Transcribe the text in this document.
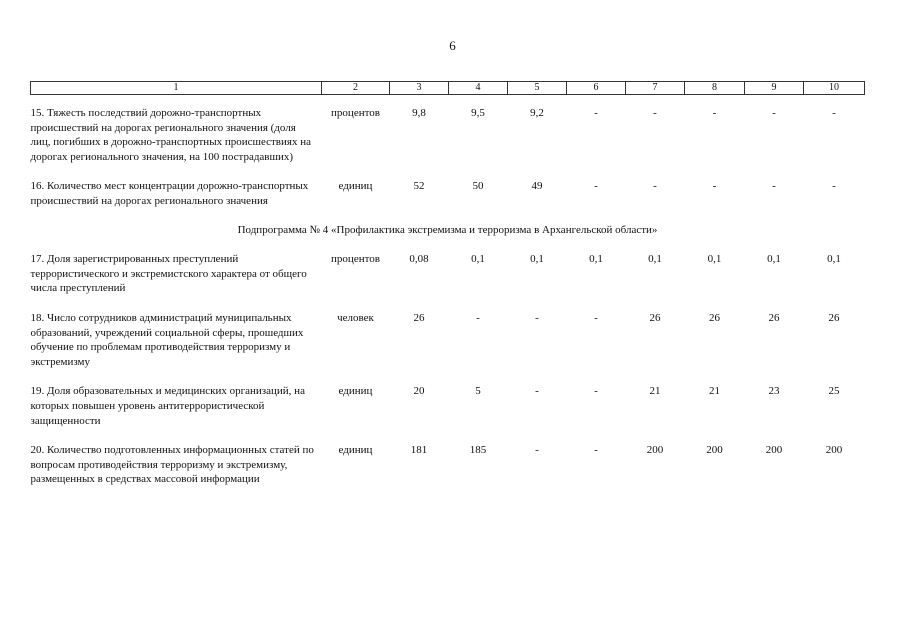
6
1	2	3	4	5	6	7	8	9	10
15. Тяжесть последствий дорожно-транспортных происшествий на дорогах регионального значения (доля лиц, погибших в дорожно-транспортных происшествиях на дорогах регионального значения, на 100 пострадавших)	процентов	9,8	9,5	9,2	-	-	-	-	-

16. Количество мест концентрации дорожно-транспортных происшествий на дорогах регионального значения	единиц	52	50	49	-	-	-	-	-

Подпрограмма № 4 «Профилактика экстремизма и терроризма в Архангельской области»									

17. Доля зарегистрированных преступлений террористического и экстремистского характера от общего числа преступлений	процентов	0,08	0,1	0,1	0,1	0,1	0,1	0,1	0,1

18. Число сотрудников администраций муниципальных образований, учреждений социальной сферы, прошедших обучение по проблемам противодействия терроризму и экстремизму	человек	26	-	-	-	26	26	26	26

19. Доля образовательных и медицинских организаций, на которых повышен уровень антитеррористической защищенности	единиц	20	5	-	-	21	21	23	25

20. Количество подготовленных информационных статей по вопросам противодействия терроризму и экстремизму, размещенных в средствах массовой информации	единиц	181	185	-	-	200	200	200	200
